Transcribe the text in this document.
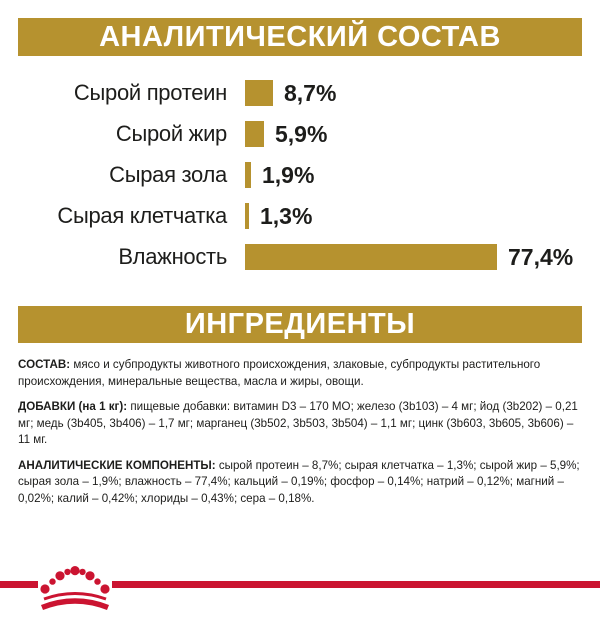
АНАЛИТИЧЕСКИЙ СОСТАВ
Сырой протеин 8,7%
Сырой жир 5,9%
Сырая зола 1,9%
Сырая клетчатка 1,3%
Влажность	77,4%
ИНГРЕДИЕНТЫ

СОСТАВ: мясо и субпродукты животного происхождения, злаковые, субпродукты растительного происхождения, минеральные вещества, масла и жиры, овощи.

ДОБАВКИ (на 1 кг): пищевые добавки: витамин D3 – 170 МО; железо (3b103) – 4 мг; йод (3b202) – 0,21 мг; медь (3b405, 3b406) – 1,7 мг; марганец (3b502, 3b503, 3b504) – 1,1 мг; цинк (3b603, 3b605, 3b606) – 11 мг.

АНАЛИТИЧЕСКИЕ КОМПОНЕНТЫ: сырой протеин – 8,7%; сырая клетчатка – 1,3%; сырой жир – 5,9%; сырая зола – 1,9%; влажность – 77,4%; кальций – 0,19%; фосфор – 0,14%; натрий – 0,12%; магний – 0,02%; калий – 0,42%; хлориды – 0,43%; сера – 0,18%.
